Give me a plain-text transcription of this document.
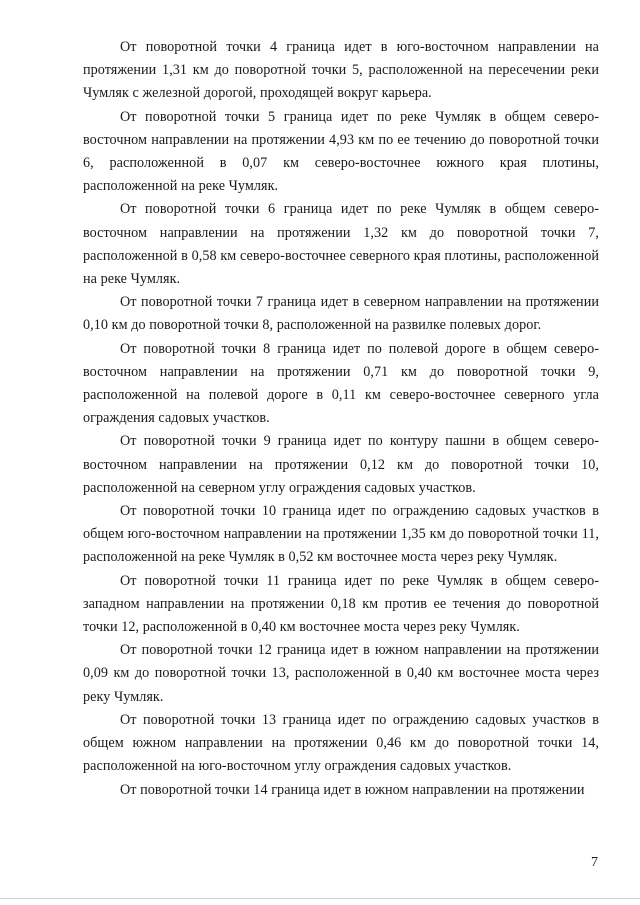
От поворотной точки 4 граница идет в юго-восточном направлении на протяжении 1,31 км до поворотной точки 5, расположенной на пересечении реки Чумляк с железной дорогой, проходящей вокруг карьера.

От поворотной точки 5 граница идет по реке Чумляк в общем северо-восточном направлении на протяжении 4,93 км по ее течению до поворотной точки 6, расположенной в 0,07 км северо-восточнее южного края плотины, расположенной на реке Чумляк.

От поворотной точки 6 граница идет по реке Чумляк в общем северо-восточном направлении на протяжении 1,32 км до поворотной точки 7, расположенной в 0,58 км северо-восточнее северного края плотины, расположенной на реке Чумляк.

От поворотной точки 7 граница идет в северном направлении на протяжении 0,10 км до поворотной точки 8, расположенной на развилке полевых дорог.

От поворотной точки 8 граница идет по полевой дороге в общем северо-восточном направлении на протяжении 0,71 км до поворотной точки 9, расположенной на полевой дороге в 0,11 км северо-восточнее северного угла ограждения садовых участков.

От поворотной точки 9 граница идет по контуру пашни в общем северо-восточном направлении на протяжении 0,12 км до поворотной точки 10, расположенной на северном углу ограждения садовых участков.

От поворотной точки 10 граница идет по ограждению садовых участков в общем юго-восточном направлении на протяжении 1,35 км до поворотной точки 11, расположенной на реке Чумляк в 0,52 км восточнее моста через реку Чумляк.

От поворотной точки 11 граница идет по реке Чумляк в общем северо-западном направлении на протяжении 0,18 км против ее течения до поворотной точки 12, расположенной в 0,40 км восточнее моста через реку Чумляк.

От поворотной точки 12 граница идет в южном направлении на протяжении 0,09 км до поворотной точки 13, расположенной в 0,40 км восточнее моста через реку Чумляк.

От поворотной точки 13 граница идет по ограждению садовых участков в общем южном направлении на протяжении 0,46 км до поворотной точки 14, расположенной на юго-восточном углу ограждения садовых участков.

От поворотной точки 14 граница идет в южном направлении на протяжении

7
